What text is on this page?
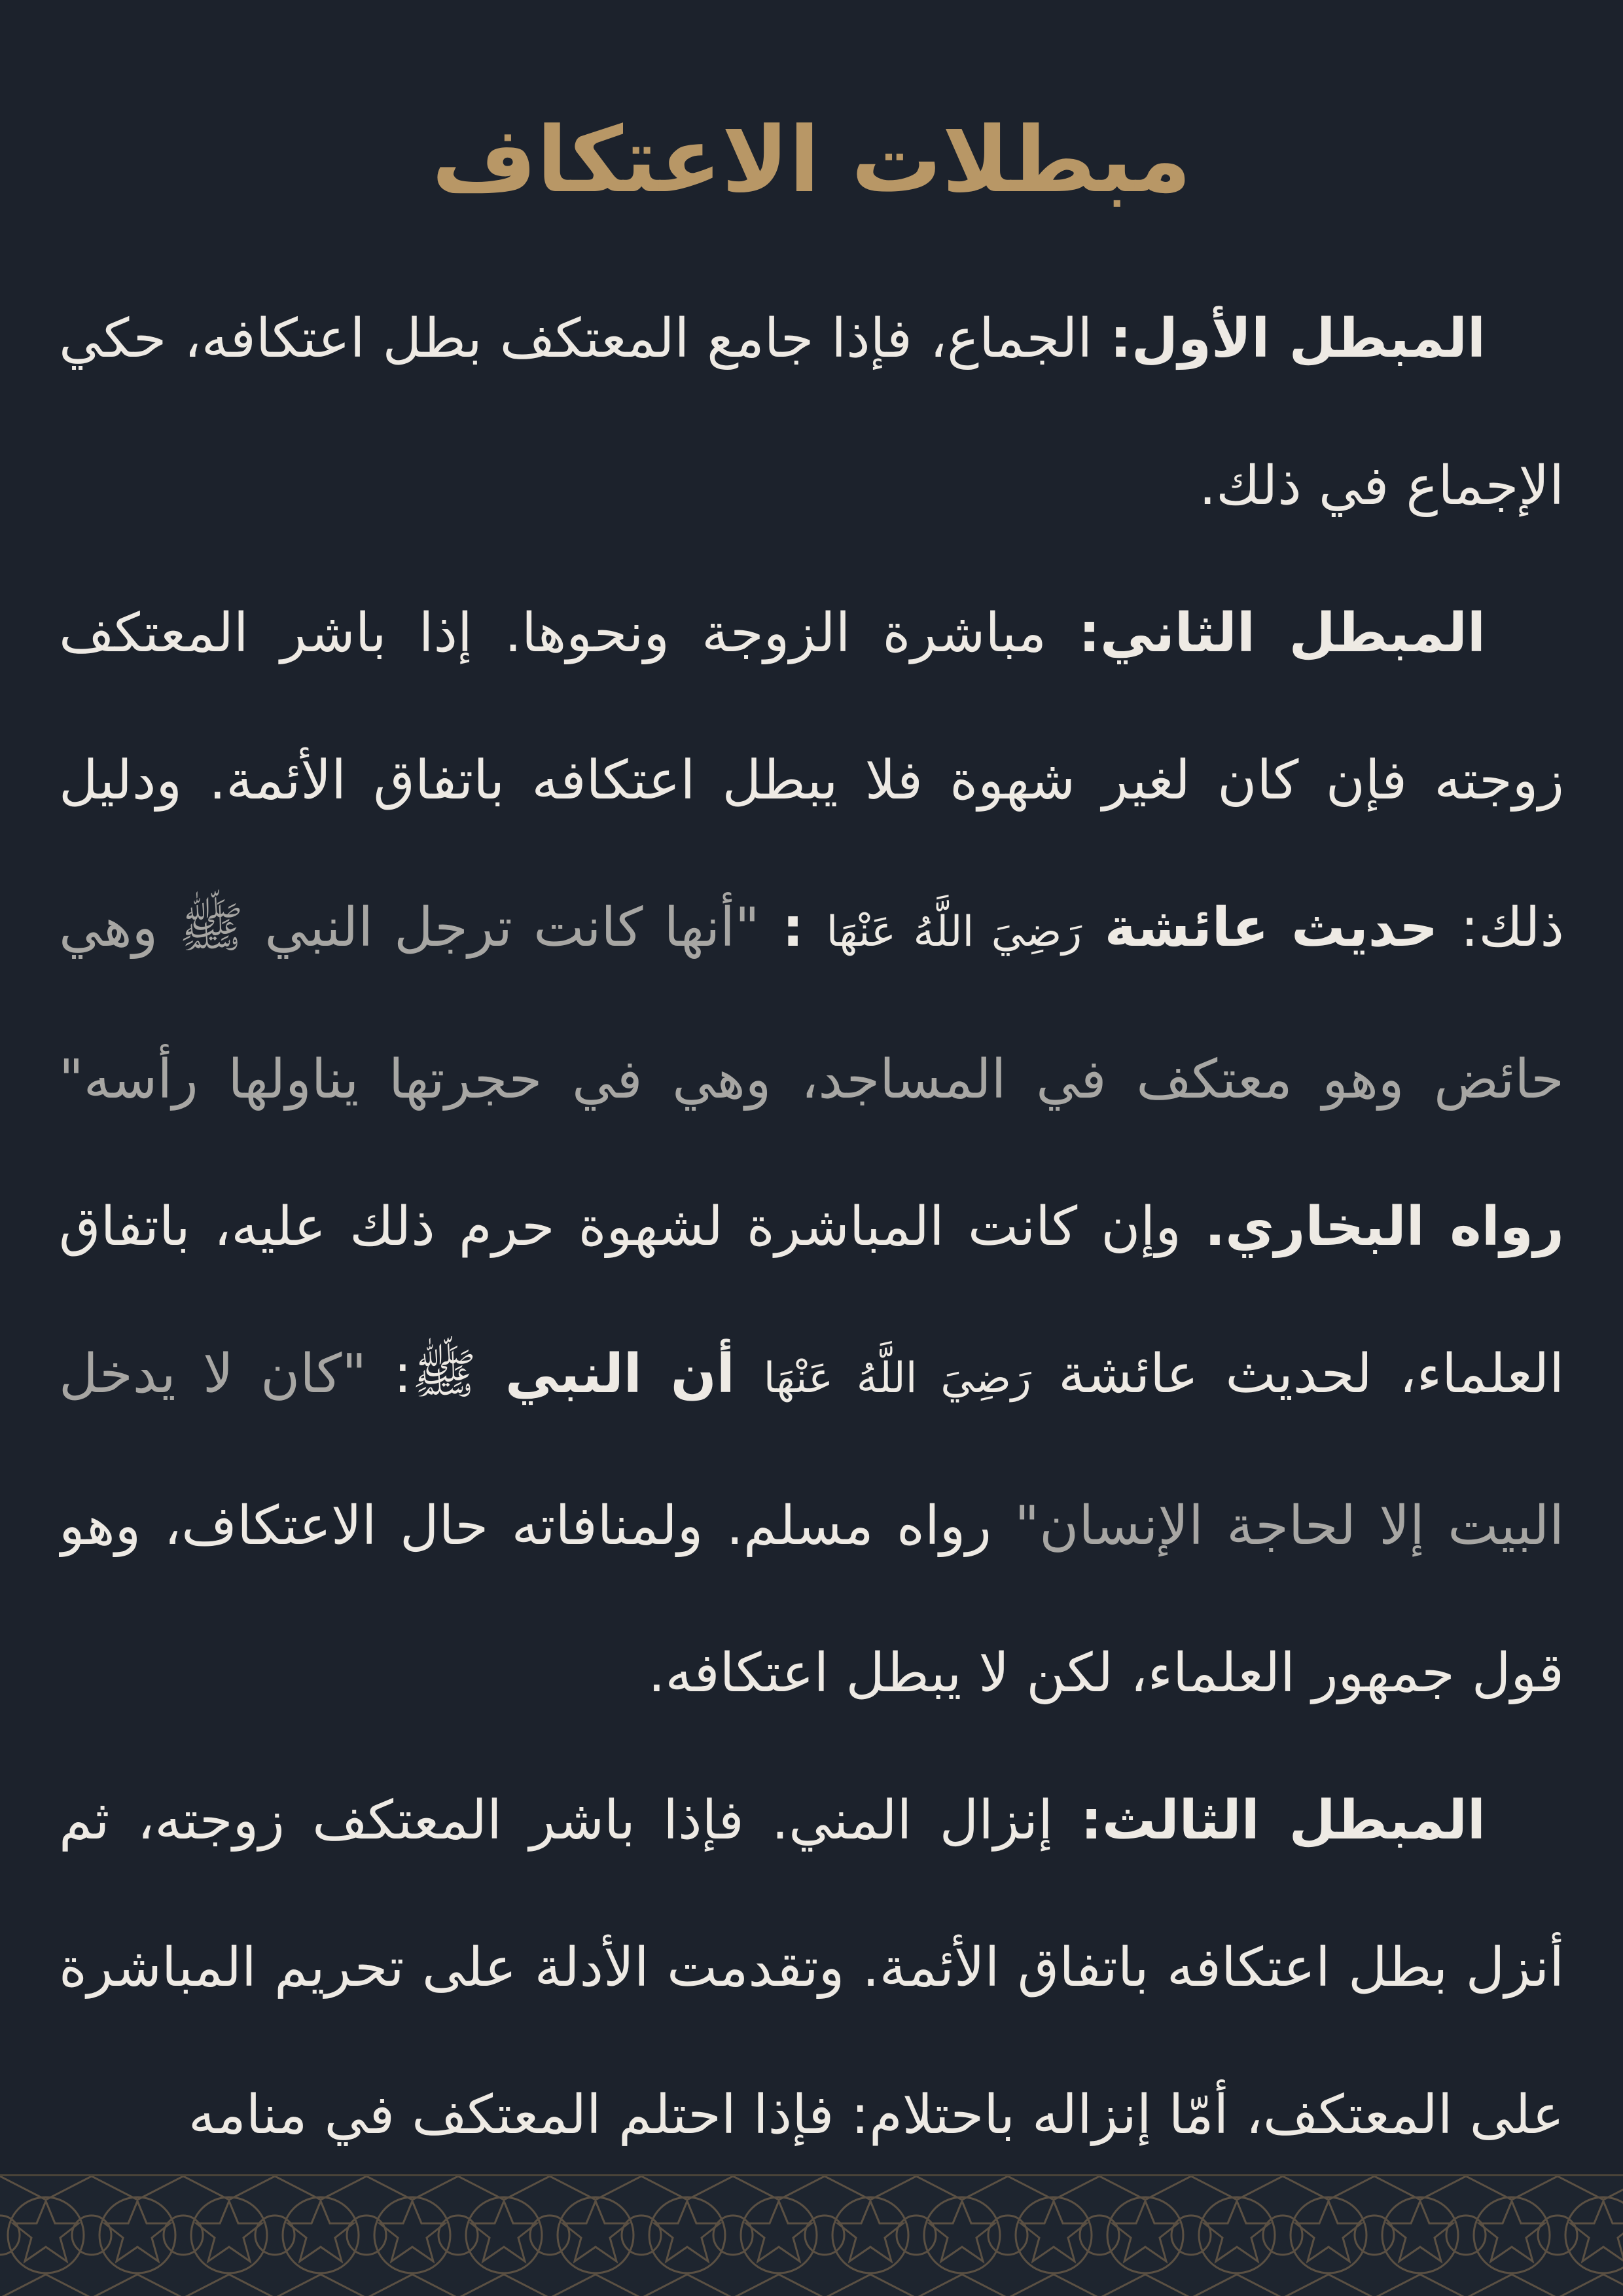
مبطلات الاعتكاف

المبطل الأول: الجماع، فإذا جامع المعتكف بطل اعتكافه، حكي الإجماع في ذلك.

المبطل الثاني: مباشرة الزوجة ونحوها. إذا باشر المعتكف زوجته فإن كان لغير شهوة فلا يبطل اعتكافه باتفاق الأئمة. ودليل ذلك: حديث عائشة رَضِيَ اللَّهُ عَنْهَا : "أنها كانت ترجل النبي ﷺ وهي حائض وهو معتكف في المساجد، وهي في حجرتها يناولها رأسه" رواه البخاري. وإن كانت المباشرة لشهوة حرم ذلك عليه، باتفاق العلماء، لحديث عائشة رَضِيَ اللَّهُ عَنْهَا أن النبي ﷺ: "كان لا يدخل البيت إلا لحاجة الإنسان" رواه مسلم. ولمنافاته حال الاعتكاف، وهو قول جمهور العلماء، لكن لا يبطل اعتكافه.

المبطل الثالث: إنزال المني. فإذا باشر المعتكف زوجته، ثم أنزل بطل اعتكافه باتفاق الأئمة. وتقدمت الأدلة على تحريم المباشرة على المعتكف، أمّا إنزاله باحتلام: فإذا احتلم المعتكف في منامه
